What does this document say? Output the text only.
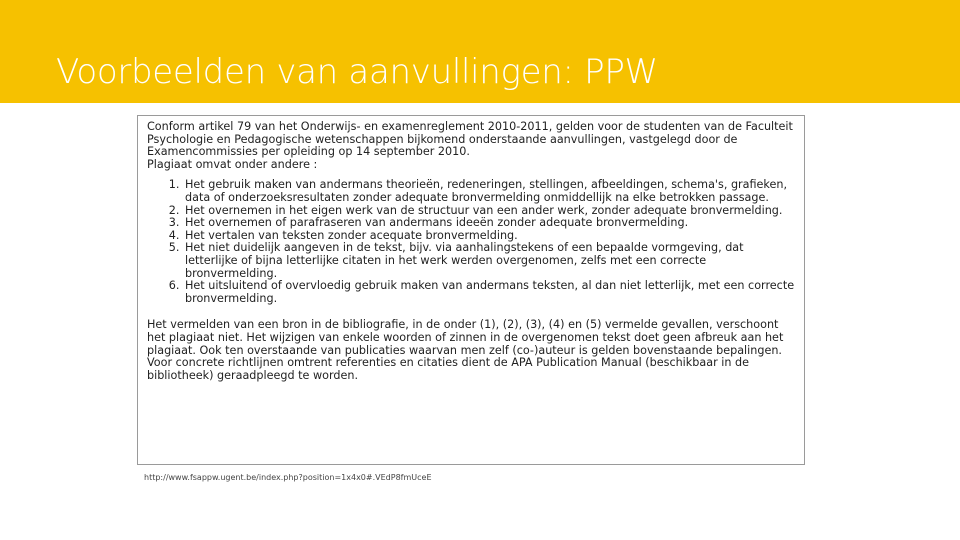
Voorbeelden van aanvullingen: PPW

Conform artikel 79 van het Onderwijs- en examenreglement 2010-2011, gelden voor de studenten van de Faculteit Psychologie en Pedagogische wetenschappen bijkomend onderstaande aanvullingen, vastgelegd door de Examencommissies per opleiding op 14 september 2010.

Plagiaat omvat onder andere :

1. Het gebruik maken van andermans theorieën, redeneringen, stellingen, afbeeldingen, schema's, grafieken, data of onderzoeksresultaten zonder adequate bronvermelding onmiddellijk na elke betrokken passage.
2. Het overnemen in het eigen werk van de structuur van een ander werk, zonder adequate bronvermelding.
3. Het overnemen of parafraseren van andermans ideeën zonder adequate bronvermelding.
4. Het vertalen van teksten zonder acequate bronvermelding.
5. Het niet duidelijk aangeven in de tekst, bijv. via aanhalingstekens of een bepaalde vormgeving, dat letterlijke of bijna letterlijke citaten in het werk werden overgenomen, zelfs met een correcte bronvermelding.
6. Het uitsluitend of overvloedig gebruik maken van andermans teksten, al dan niet letterlijk, met een correcte bronvermelding.

Het vermelden van een bron in de bibliografie, in de onder (1), (2), (3), (4) en (5) vermelde gevallen, verschoont het plagiaat niet. Het wijzigen van enkele woorden of zinnen in de overgenomen tekst doet geen afbreuk aan het plagiaat. Ook ten overstaande van publicaties waarvan men zelf (co-)auteur is gelden bovenstaande bepalingen. Voor concrete richtlijnen omtrent referenties en citaties dient de APA Publication Manual (beschikbaar in de bibliotheek) geraadpleegd te worden.

http://www.fsappw.ugent.be/index.php?position=1x4x0#.VEdP8fmUceE
